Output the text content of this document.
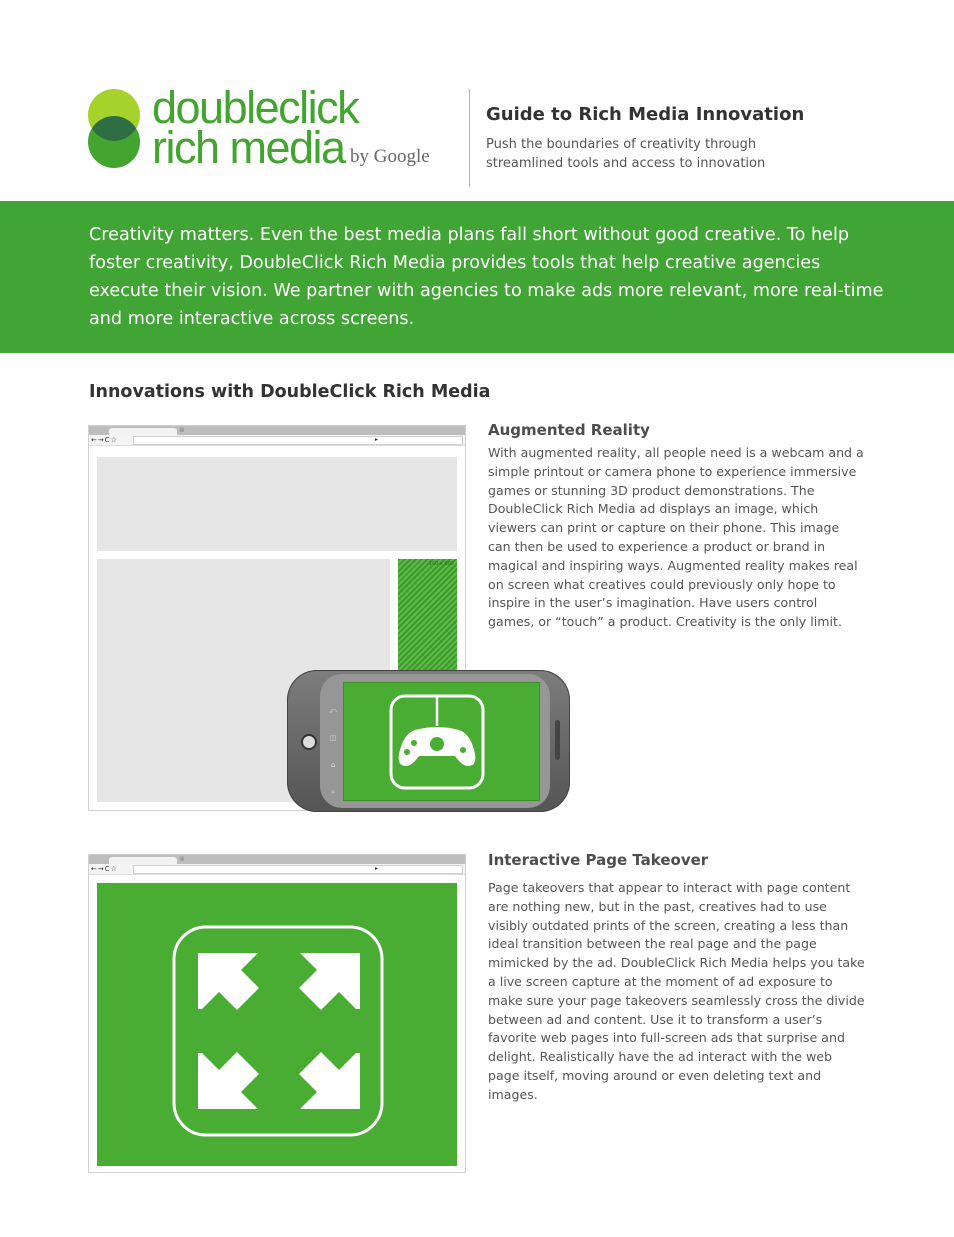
doubleclick
rich media by Google
Guide to Rich Media Innovation
Push the boundaries of creativity through
streamlined tools and access to innovation
Creativity matters. Even the best media plans fall short without good creative. To help foster creativity, DoubleClick Rich Media provides tools that help creative agencies execute their vision. We partner with agencies to make ads more relevant, more real-time and more interactive across screens.
Innovations with DoubleClick Rich Media
⊗
←→C☆	▸
160 x 600
⤺
◫
⌂
⌕
Augmented Reality
With augmented reality, all people need is a webcam and a simple printout or camera phone to experience immersive games or stunning 3D product demonstrations. The DoubleClick Rich Media ad displays an image, which viewers can print or capture on their phone. This image can then be used to experience a product or brand in magical and inspiring ways. Augmented reality makes real on screen what creatives could previously only hope to inspire in the user’s imagination. Have users control games, or “touch” a product. Creativity is the only limit.
⊗
←→C☆	▸	Interactive Page Takeover
Page takeovers that appear to interact with page content are nothing new, but in the past, creatives had to use visibly outdated prints of the screen, creating a less than ideal transition between the real page and the page mimicked by the ad. DoubleClick Rich Media helps you take a live screen capture at the moment of ad exposure to make sure your page takeovers seamlessly cross the divide between ad and content. Use it to transform a user’s favorite web pages into full-screen ads that surprise and delight. Realistically have the ad interact with the web page itself, moving around or even deleting text and images.
